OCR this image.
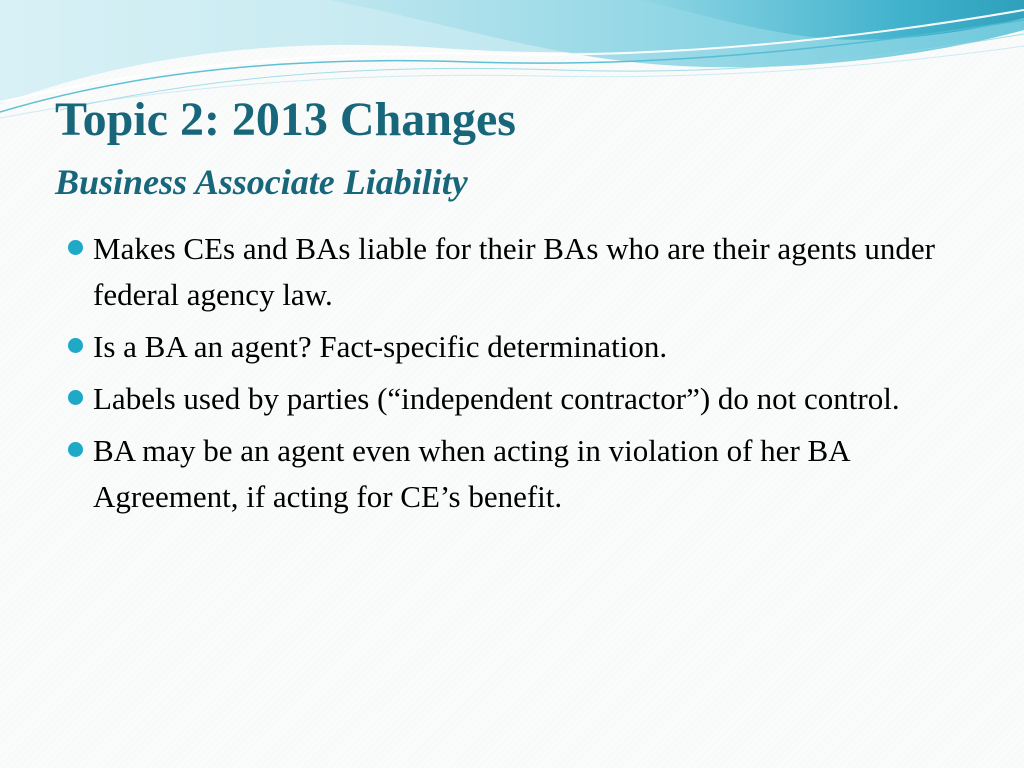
Topic 2: 2013 Changes
Business Associate Liability
Makes CEs and BAs liable for their BAs who are their agents under federal agency law.
Is a BA an agent? Fact-specific determination.
Labels used by parties (“independent contractor”) do not control.
BA may be an agent even when acting in violation of her BA Agreement, if acting for CE’s benefit.
